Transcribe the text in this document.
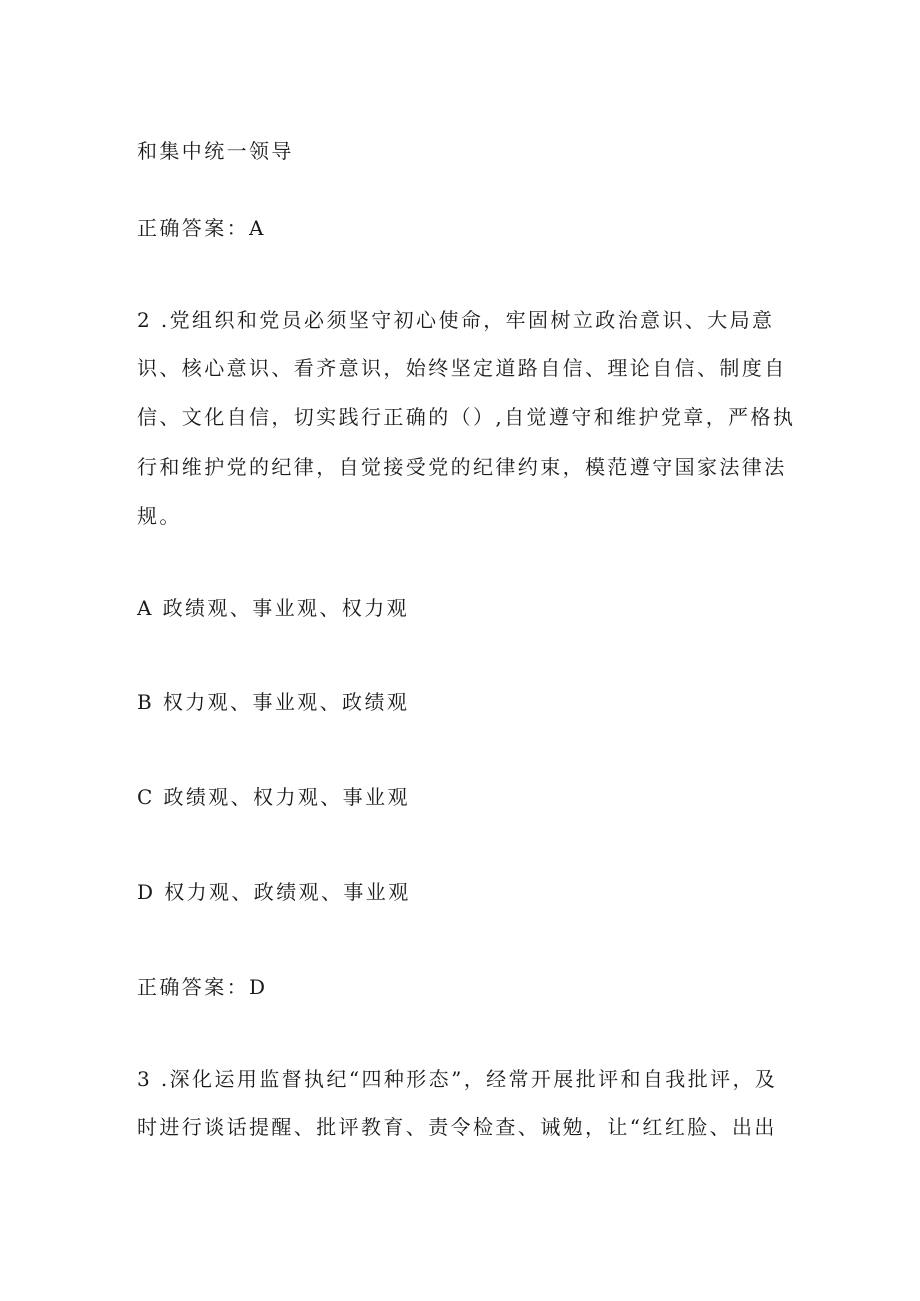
和集中统一领导
正确答案：A
2 .党组织和党员必须坚守初心使命，牢固树立政治意识、大局意
识、核心意识、看齐意识，始终坚定道路自信、理论自信、制度自
信、文化自信，切实践行正确的（）,自觉遵守和维护党章，严格执
行和维护党的纪律，自觉接受党的纪律约束，模范遵守国家法律法
规。
A 政绩观、事业观、权力观
B 权力观、事业观、政绩观
C 政绩观、权力观、事业观
D 权力观、政绩观、事业观
正确答案：D
3 .深化运用监督执纪“四种形态”，经常开展批评和自我批评，及
时进行谈话提醒、批评教育、责令检查、诫勉，让“红红脸、出出
